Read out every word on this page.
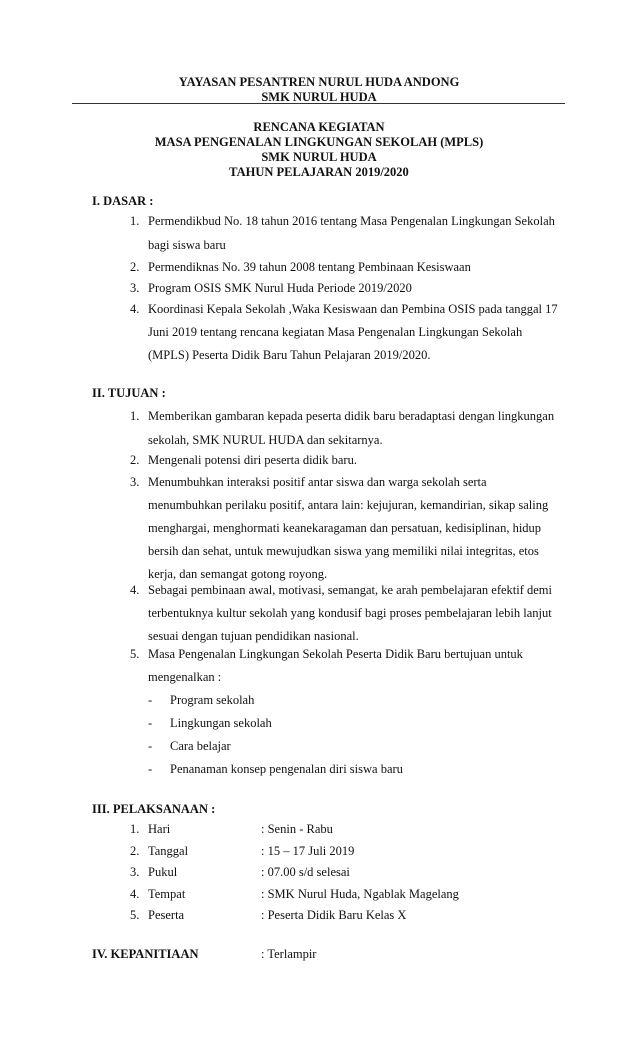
YAYASAN PESANTREN NURUL HUDA ANDONG
SMK NURUL HUDA
RENCANA KEGIATAN
MASA PENGENALAN LINGKUNGAN SEKOLAH (MPLS)
SMK NURUL HUDA
TAHUN PELAJARAN 2019/2020
I. DASAR :
1. Permendikbud No. 18 tahun 2016 tentang Masa Pengenalan Lingkungan Sekolah
bagi siswa baru
2. Permendiknas No. 39 tahun 2008 tentang Pembinaan Kesiswaan
3. Program OSIS SMK Nurul Huda Periode 2019/2020
4. Koordinasi Kepala Sekolah ,Waka Kesiswaan dan Pembina OSIS pada tanggal 17
Juni 2019 tentang rencana kegiatan Masa Pengenalan Lingkungan Sekolah
(MPLS) Peserta Didik Baru Tahun Pelajaran 2019/2020.
II. TUJUAN :
1. Memberikan gambaran kepada peserta didik baru beradaptasi dengan lingkungan
sekolah, SMK NURUL HUDA dan sekitarnya.
2. Mengenali potensi diri peserta didik baru.
3. Menumbuhkan interaksi positif antar siswa dan warga sekolah serta
menumbuhkan perilaku positif, antara lain: kejujuran, kemandirian, sikap saling
menghargai, menghormati keanekaragaman dan persatuan, kedisiplinan, hidup
bersih dan sehat, untuk mewujudkan siswa yang memiliki nilai integritas, etos
kerja, dan semangat gotong royong.
4. Sebagai pembinaan awal, motivasi, semangat, ke arah pembelajaran efektif demi
terbentuknya kultur sekolah yang kondusif bagi proses pembelajaran lebih lanjut
sesuai dengan tujuan pendidikan nasional.
5. Masa Pengenalan Lingkungan Sekolah Peserta Didik Baru bertujuan untuk
mengenalkan :
- Program sekolah
- Lingkungan sekolah
- Cara belajar
- Penanaman konsep pengenalan diri siswa baru
III. PELAKSANAAN :
1. Hari	: Senin - Rabu
2. Tanggal	: 15 – 17 Juli 2019
3. Pukul	: 07.00 s/d selesai
4. Tempat	: SMK Nurul Huda, Ngablak Magelang
5. Peserta	: Peserta Didik Baru Kelas X
IV. KEPANITIAAN	: Terlampir
